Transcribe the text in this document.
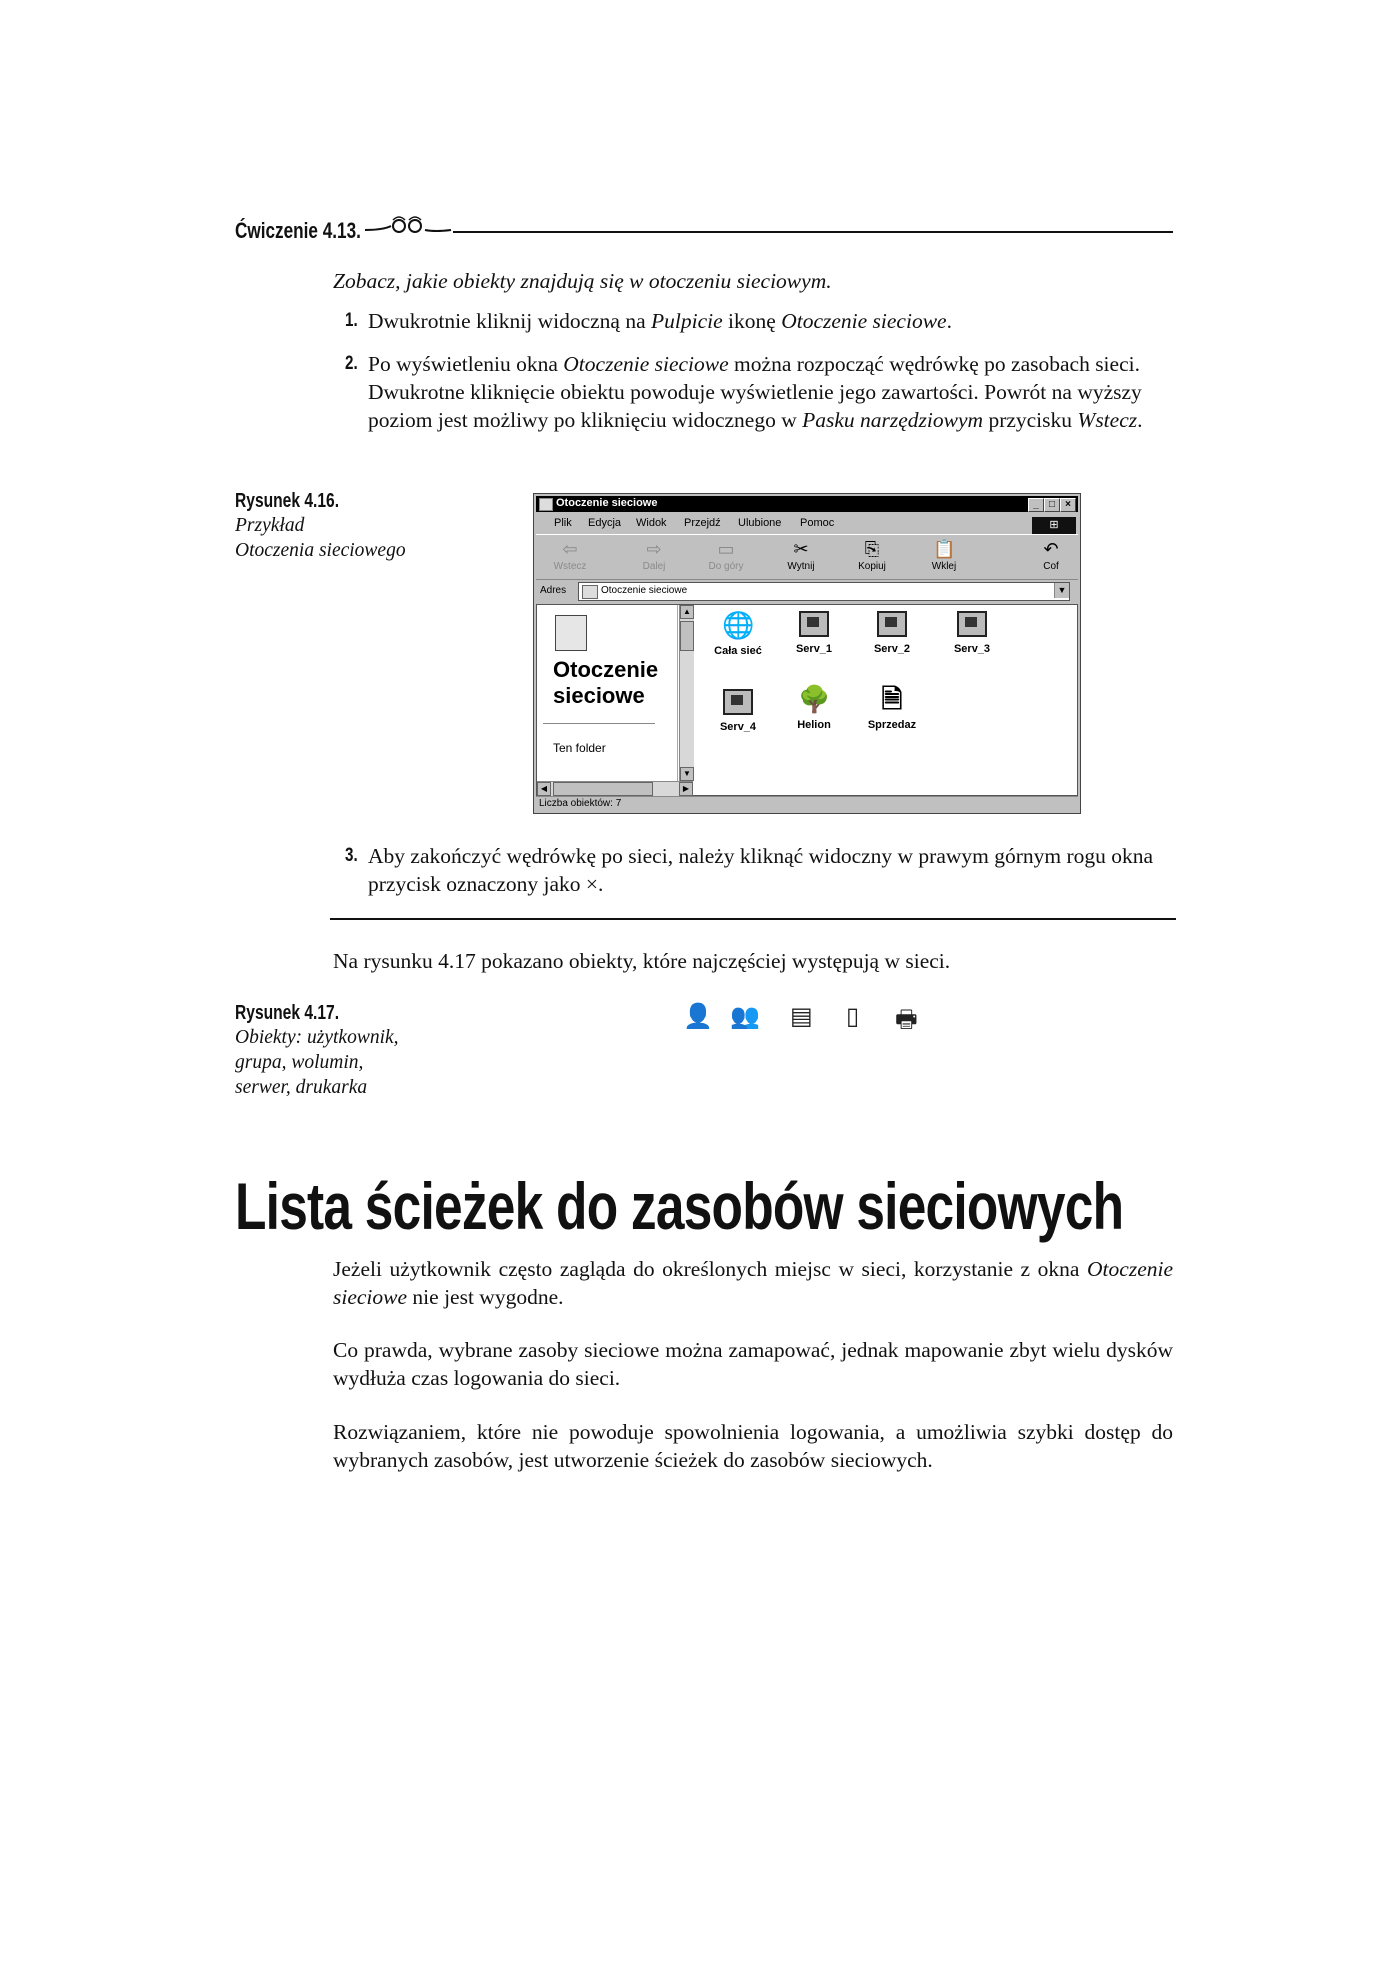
Ćwiczenie 4.13.
Zobacz, jakie obiekty znajdują się w otoczeniu sieciowym.
1. Dwukrotnie kliknij widoczną na Pulpicie ikonę Otoczenie sieciowe.
2. Po wyświetleniu okna Otoczenie sieciowe można rozpocząć wędrówkę po zasobach sieci. Dwukrotne kliknięcie obiektu powoduje wyświetlenie jego zawartości. Powrót na wyższy poziom jest możliwy po kliknięciu widocznego w Pasku narzędziowym przycisku Wstecz.
Rysunek 4.16.
Przykład
Otoczenia sieciowego
Otoczenie sieciowe	_	□	×
Plik Edycja Widok Przejdź Ulubione Pomoc	⊞
⇦
Wstecz
⇨
Dalej
▭
Do góry
✂
Wytnij
⎘
Kopiuj
📋
Wklej
↶
Cof
Adres	Otoczenie sieciowe	▼
Otoczenie
sieciowe
Ten folder
▲
▼
◀	▶
🌐
Cała sieć	Serv_1	Serv_2	Serv_3
Serv_4
🌳
Helion
🗎
Sprzedaz
Liczba obiektów: 7
3. Aby zakończyć wędrówkę po sieci, należy kliknąć widoczny w prawym górnym rogu okna przycisk oznaczony jako ×.
Na rysunku 4.17 pokazano obiekty, które najczęściej występują w sieci.
Rysunek 4.17.
Obiekty: użytkownik,
grupa, wolumin,
serwer, drukarka
👤 👥 ▤ ▯ 🖶
Lista ścieżek do zasobów sieciowych
Jeżeli użytkownik często zagląda do określonych miejsc w sieci, korzystanie z okna Otoczenie sieciowe nie jest wygodne.
Co prawda, wybrane zasoby sieciowe można zamapować, jednak mapowanie zbyt wielu dysków wydłuża czas logowania do sieci.
Rozwiązaniem, które nie powoduje spowolnienia logowania, a umożliwia szybki dostęp do wybranych zasobów, jest utworzenie ścieżek do zasobów sieciowych.
